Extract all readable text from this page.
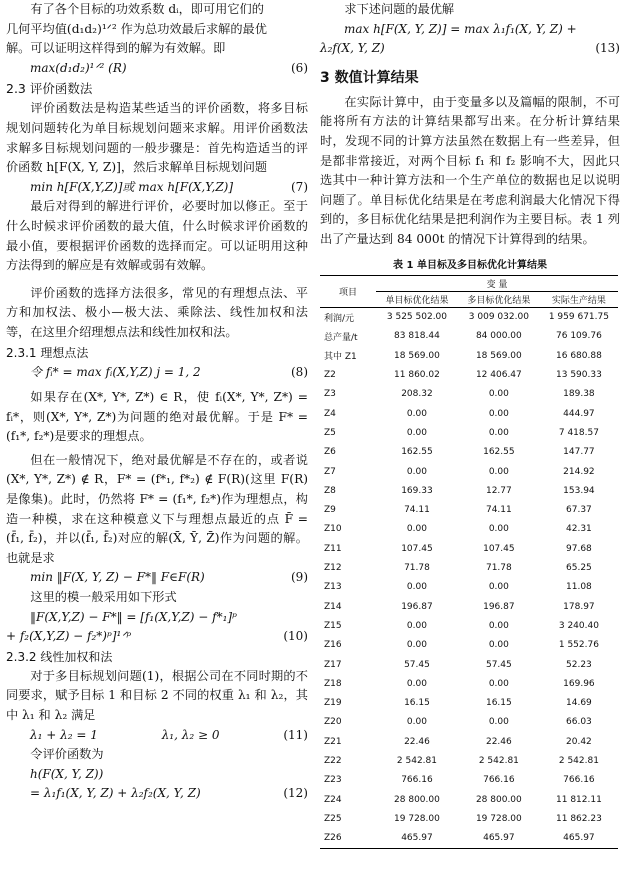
有了各个目标的功效系数 dᵢ，即可用它们的

几何平均值(d₁d₂)¹ᐟ² 作为总功效最后求解的最优

解。可以证明这样得到的解为有效解。即

max(d₁d₂)¹ᐟ² (R)	(6)
2.3 评价函数法

评价函数法是构造某些适当的评价函数，将多目标规划问题转化为单目标规划问题来求解。用评价函数法求解多目标规划问题的一般步骤是：首先构造适当的评价函数 h[F(X, Y, Z)]，然后求解单目标规划问题

min h[F(X,Y,Z)]或 max h[F(X,Y,Z)]	(7)

最后对得到的解进行评价，必要时加以修正。至于什么时候求评价函数的最大值，什么时候求评价函数的最小值，要根据评价函数的选择而定。可以证明用这种方法得到的解应是有效解或弱有效解。

评价函数的选择方法很多，常见的有理想点法、平方和加权法、极小—极大法、乘除法、线性加权和法等，在这里介绍理想点法和线性加权和法。

2.3.1 理想点法
令 fᵢ* = max fᵢ(X,Y,Z) j = 1, 2	(8)

如果存在(X*, Y*, Z*) ∈ R，使 fᵢ(X*, Y*, Z*) = fᵢ*，则(X*, Y*, Z*)为问题的绝对最优解。于是 F* = (f₁*, f₂*)是要求的理想点。

但在一般情况下，绝对最优解是不存在的，或者说(X*, Y*, Z*) ∉ R，F* = (f*₁, f*₂) ∉ F(R)(这里 F(R)是像集)。此时，仍然将 F* = (f₁*, f₂*)作为理想点，构造一种模，求在这种模意义下与理想点最近的点 F̄ = (f̄₁, f̄₂)，并以(f̄₁, f̄₂)对应的解(X̄, Ȳ, Z̄)作为问题的解。也就是求

min ‖F(X, Y, Z) − F*‖ F∈F(R)	(9)

这里的模一般采用如下形式

‖F(X,Y,Z) − F*‖ = [f₁(X,Y,Z) − f*₁]ᵖ
+ f₂(X,Y,Z) − f₂*)ᵖ]¹ᐟᵖ	(10)
2.3.2 线性加权和法

对于多目标规划问题(1)，根据公司在不同时期的不同要求，赋予目标 1 和目标 2 不同的权重 λ₁ 和 λ₂，其中 λ₁ 和 λ₂ 满足

λ₁ + λ₂ = 1	λ₁, λ₂ ≥ 0	(11)

令评价函数为

h(F(X, Y, Z))
= λ₁f₁(X, Y, Z) + λ₂f₂(X, Y, Z)	(12)

求下述问题的最优解

max h[F(X, Y, Z)] = max λ₁f₁(X, Y, Z) +
λ₂f(X, Y, Z)	(13)
3 数值计算结果

在实际计算中，由于变量多以及篇幅的限制，不可能将所有方法的计算结果都写出来。在分析计算结果时，发现不同的计算方法虽然在数据上有一些差异，但是都非常接近，对两个目标 f₁ 和 f₂ 影响不大，因此只选其中一种计算方法和一个生产单位的数据也足以说明问题了。单目标优化结果是在考虑利润最大化情况下得到的，多目标优化结果是把利润作为主要目标。表 1 列出了产量达到 84 000t 的情况下计算得到的结果。

表 1 单目标及多目标优化计算结果
项目	变 量		
	单目标优化结果	多目标优化结果	实际生产结果
利润/元	3 525 502.00	3 009 032.00	1 959 671.75
总产量/t	83 818.44	84 000.00	76 109.76
其中 Z1	18 569.00	18 569.00	16 680.88
Z2	11 860.02	12 406.47	13 590.33
Z3	208.32	0.00	189.38
Z4	0.00	0.00	444.97
Z5	0.00	0.00	7 418.57
Z6	162.55	162.55	147.77
Z7	0.00	0.00	214.92
Z8	169.33	12.77	153.94
Z9	74.11	74.11	67.37
Z10	0.00	0.00	42.31
Z11	107.45	107.45	97.68
Z12	71.78	71.78	65.25
Z13	0.00	0.00	11.08
Z14	196.87	196.87	178.97
Z15	0.00	0.00	3 240.40
Z16	0.00	0.00	1 552.76
Z17	57.45	57.45	52.23
Z18	0.00	0.00	169.96
Z19	16.15	16.15	14.69
Z20	0.00	0.00	66.03
Z21	22.46	22.46	20.42
Z22	2 542.81	2 542.81	2 542.81
Z23	766.16	766.16	766.16
Z24	28 800.00	28 800.00	11 812.11
Z25	19 728.00	19 728.00	11 862.23
Z26	465.97	465.97	465.97
